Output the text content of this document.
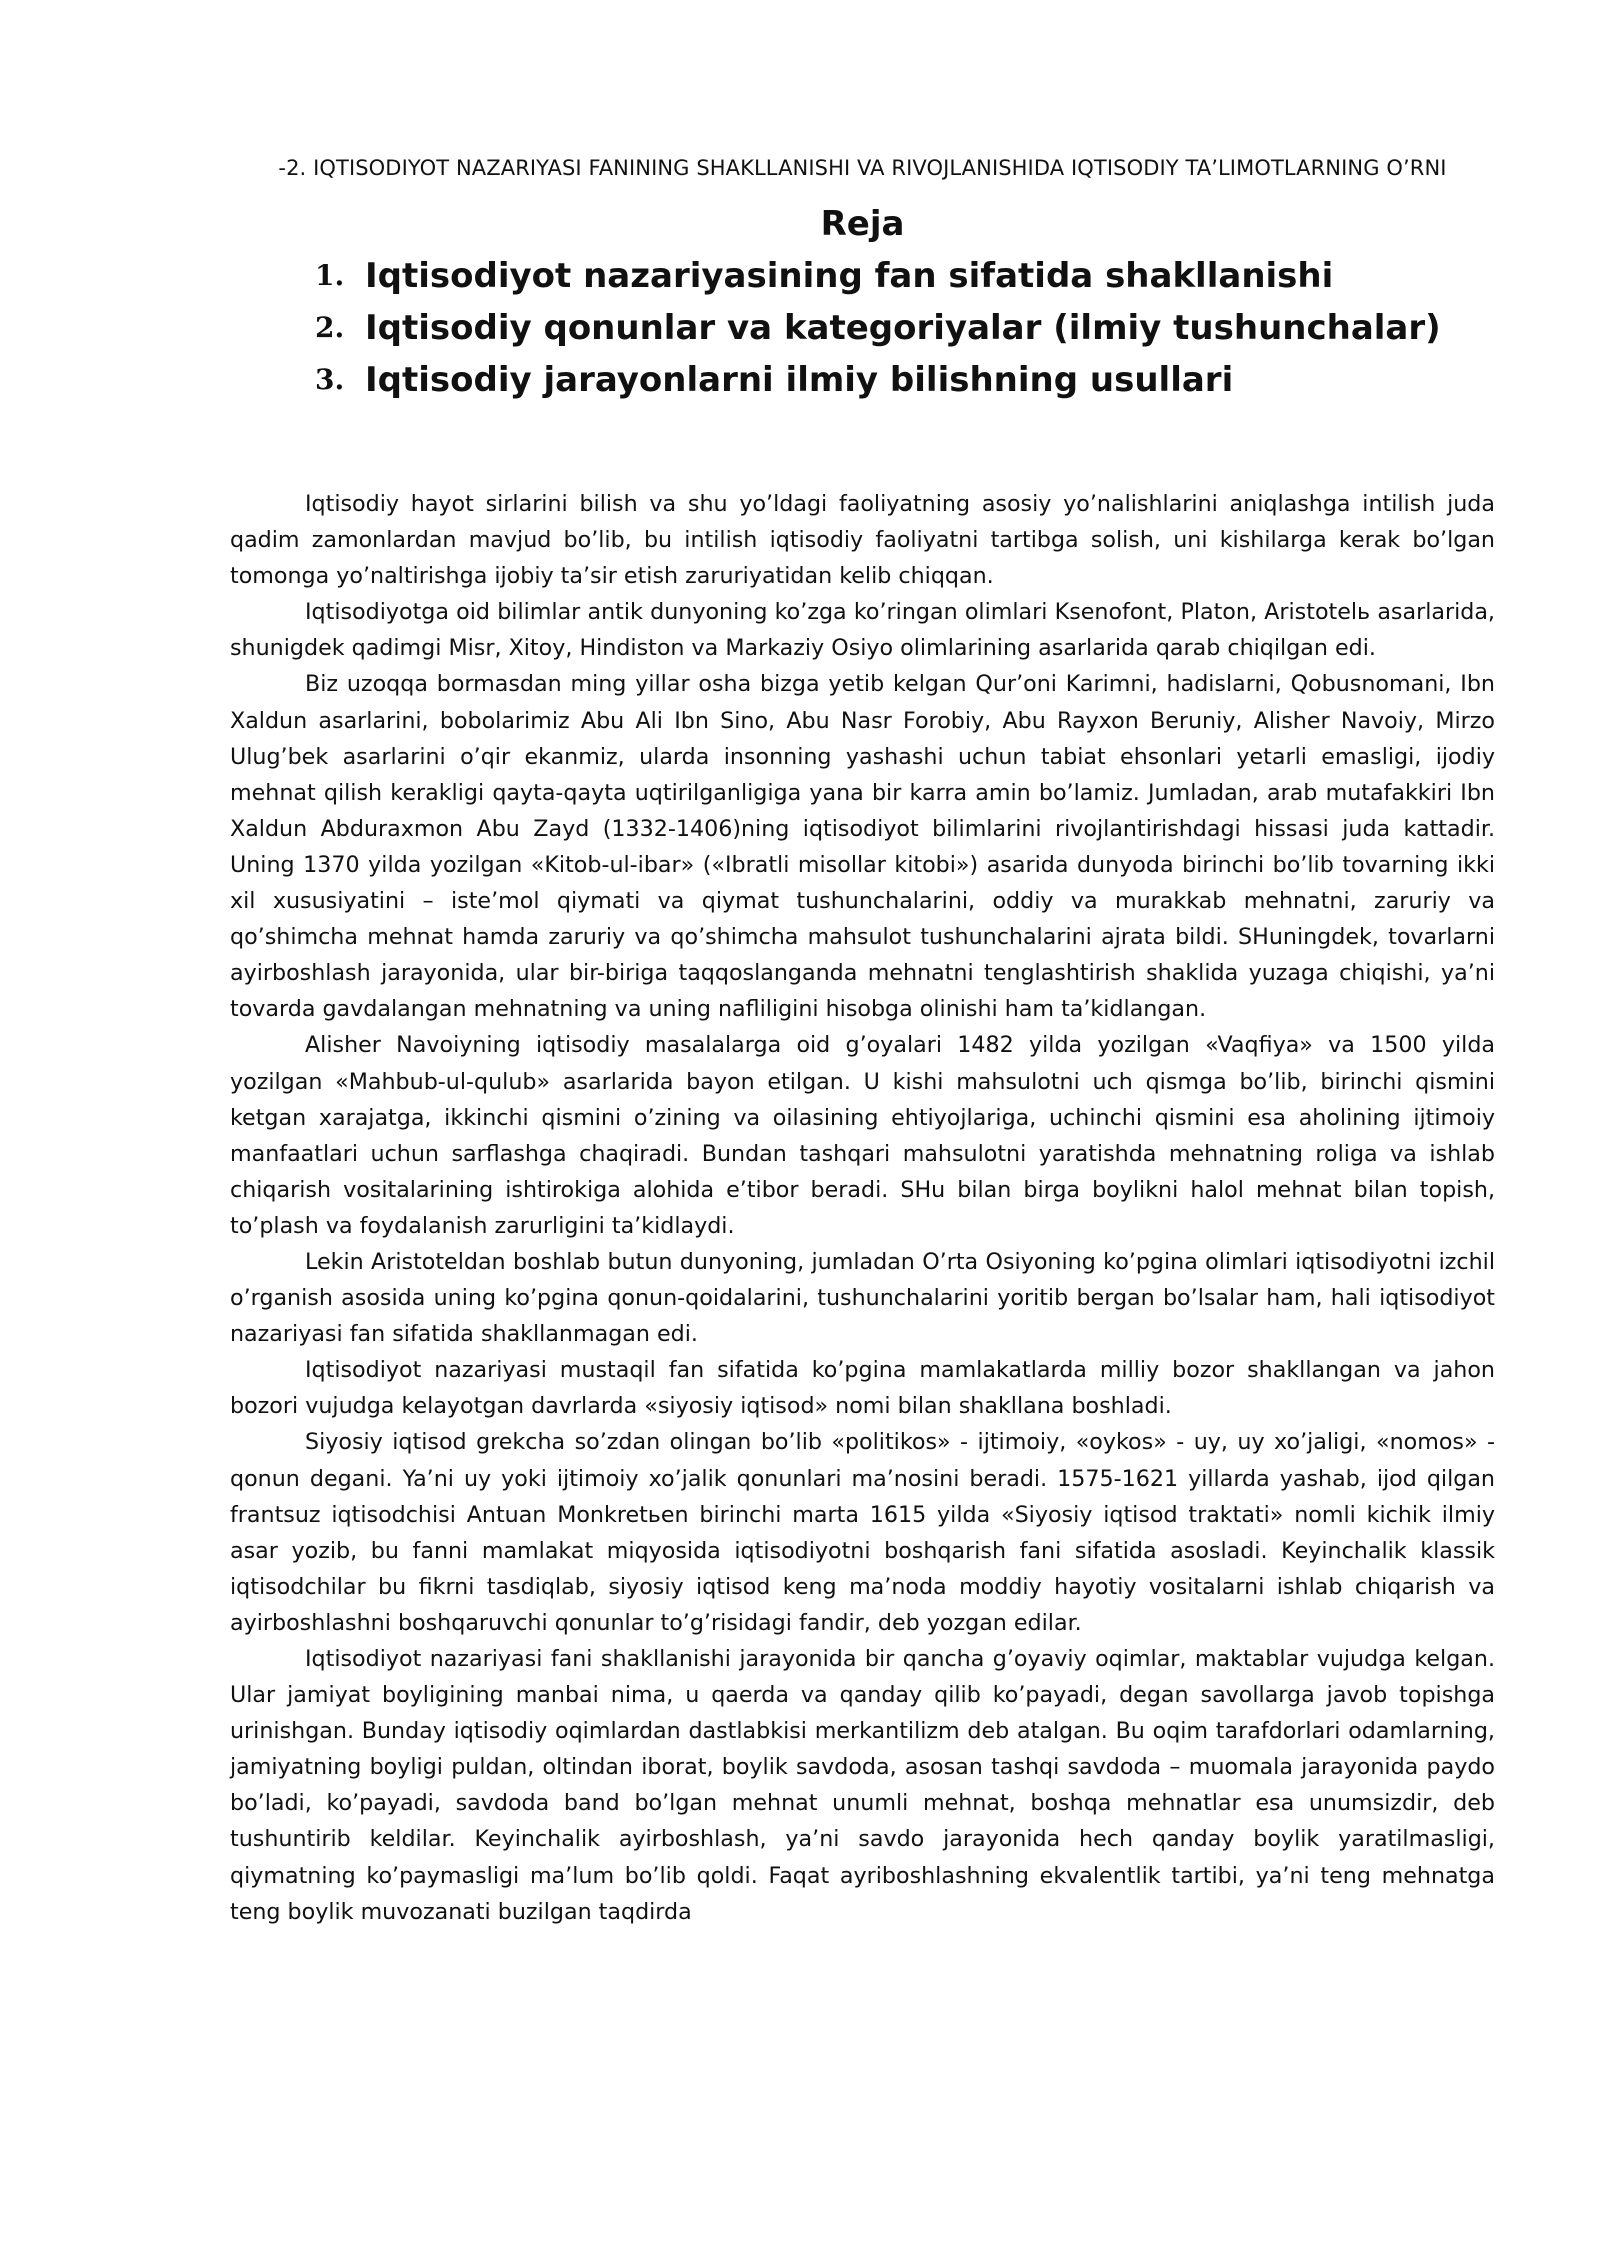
-2. IQTISODIYOT NAZARIYASI FANINING SHAKLLANISHI VA RIVOJLANISHIDA IQTISODIY TA’LIMOTLARNING O’RNI
Reja
1. Iqtisodiyot nazariyasining fan sifatida shakllanishi
2. Iqtisodiy qonunlar va kategoriyalar (ilmiy tushunchalar)
3. Iqtisodiy jarayonlarni ilmiy bilishning usullari

Iqtisodiy hayot sirlarini bilish va shu yo’ldagi faoliyatning asosiy yo’nalishlarini aniqlashga intilish juda qadim zamonlardan mavjud bo’lib, bu intilish iqtisodiy faoliyatni tartibga solish, uni kishilarga kerak bo’lgan tomonga yo’naltirishga ijobiy ta’sir etish zaruriyatidan kelib chiqqan.

Iqtisodiyotga oid bilimlar antik dunyoning ko’zga ko’ringan olimlari Ksenofont, Platon, Aristotelь asarlarida, shunigdek qadimgi Misr, Xitoy, Hindiston va Markaziy Osiyo olimlarining asarlarida qarab chiqilgan edi.

Biz uzoqqa bormasdan ming yillar osha bizga yetib kelgan Qur’oni Karimni, hadislarni, Qobusnomani, Ibn Xaldun asarlarini, bobolarimiz Abu Ali Ibn Sino, Abu Nasr Forobiy, Abu Rayxon Beruniy, Alisher Navoiy, Mirzo Ulug’bek asarlarini o’qir ekanmiz, ularda insonning yashashi uchun tabiat ehsonlari yetarli emasligi, ijodiy mehnat qilish kerakligi qayta-qayta uqtirilganligiga yana bir karra amin bo’lamiz. Jumladan, arab mutafakkiri Ibn Xaldun Abduraxmon Abu Zayd (1332-1406)ning iqtisodiyot bilimlarini rivojlantirishdagi hissasi juda kattadir. Uning 1370 yilda yozilgan «Kitob-ul-ibar» («Ibratli misollar kitobi») asarida dunyoda birinchi bo’lib tovarning ikki xil xususiyatini – iste’mol qiymati va qiymat tushunchalarini, oddiy va murakkab mehnatni, zaruriy va qo’shimcha mehnat hamda zaruriy va qo’shimcha mahsulot tushunchalarini ajrata bildi. SHuningdek, tovarlarni ayirboshlash jarayonida, ular bir-biriga taqqoslanganda mehnatni tenglashtirish shaklida yuzaga chiqishi, ya’ni tovarda gavdalangan mehnatning va uning nafliligini hisobga olinishi ham ta’kidlangan.

Alisher Navoiyning iqtisodiy masalalarga oid g’oyalari 1482 yilda yozilgan «Vaqfiya» va 1500 yilda yozilgan «Mahbub-ul-qulub» asarlarida bayon etilgan. U kishi mahsulotni uch qismga bo’lib, birinchi qismini ketgan xarajatga, ikkinchi qismini o’zining va oilasining ehtiyojlariga, uchinchi qismini esa aholining ijtimoiy manfaatlari uchun sarflashga chaqiradi. Bundan tashqari mahsulotni yaratishda mehnatning roliga va ishlab chiqarish vositalarining ishtirokiga alohida e’tibor beradi. SHu bilan birga boylikni halol mehnat bilan topish, to’plash va foydalanish zarurligini ta’kidlaydi.

Lekin Aristoteldan boshlab butun dunyoning, jumladan O’rta Osiyoning ko’pgina olimlari iqtisodiyotni izchil o’rganish asosida uning ko’pgina qonun-qoidalarini, tushunchalarini yoritib bergan bo’lsalar ham, hali iqtisodiyot nazariyasi fan sifatida shakllanmagan edi.

Iqtisodiyot nazariyasi mustaqil fan sifatida ko’pgina mamlakatlarda milliy bozor shakllangan va jahon bozori vujudga kelayotgan davrlarda «siyosiy iqtisod» nomi bilan shakllana boshladi.

Siyosiy iqtisod grekcha so’zdan olingan bo’lib «politikos» - ijtimoiy, «oykos» - uy, uy xo’jaligi, «nomos» - qonun degani. Ya’ni uy yoki ijtimoiy xo’jalik qonunlari ma’nosini beradi. 1575-1621 yillarda yashab, ijod qilgan frantsuz iqtisodchisi Antuan Monkretьen birinchi marta 1615 yilda «Siyosiy iqtisod traktati» nomli kichik ilmiy asar yozib, bu fanni mamlakat miqyosida iqtisodiyotni boshqarish fani sifatida asosladi. Keyinchalik klassik iqtisodchilar bu fikrni tasdiqlab, siyosiy iqtisod keng ma’noda moddiy hayotiy vositalarni ishlab chiqarish va ayirboshlashni boshqaruvchi qonunlar to’g’risidagi fandir, deb yozgan edilar.

Iqtisodiyot nazariyasi fani shakllanishi jarayonida bir qancha g’oyaviy oqimlar, maktablar vujudga kelgan. Ular jamiyat boyligining manbai nima, u qaerda va qanday qilib ko’payadi, degan savollarga javob topishga urinishgan. Bunday iqtisodiy oqimlardan dastlabkisi merkantilizm deb atalgan. Bu oqim tarafdorlari odamlarning, jamiyatning boyligi puldan, oltindan iborat, boylik savdoda, asosan tashqi savdoda – muomala jarayonida paydo bo’ladi, ko’payadi, savdoda band bo’lgan mehnat unumli mehnat, boshqa mehnatlar esa unumsizdir, deb tushuntirib keldilar. Keyinchalik ayirboshlash, ya’ni savdo jarayonida hech qanday boylik yaratilmasligi, qiymatning ko’paymasligi ma’lum bo’lib qoldi. Faqat ayriboshlashning ekvalentlik tartibi, ya’ni teng mehnatga teng boylik muvozanati buzilgan taqdirda
